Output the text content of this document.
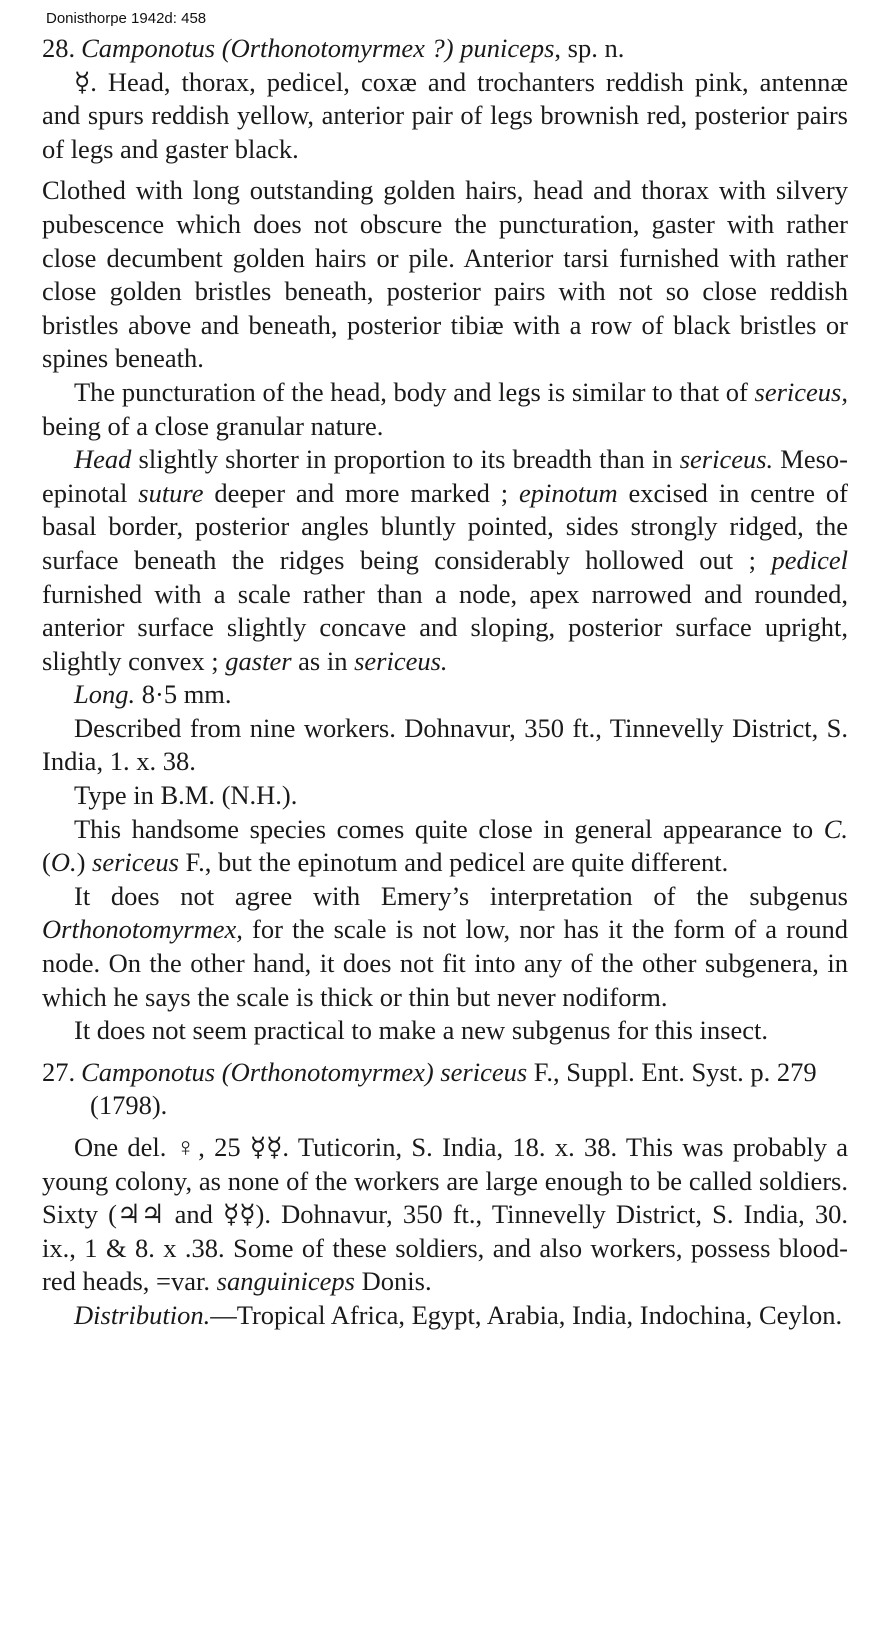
Donisthorpe 1942d: 458

28. Camponotus (Orthonotomyrmex ?) puniceps, sp. n.

☿. Head, thorax, pedicel, coxæ and trochanters reddish pink, antennæ and spurs reddish yellow, anterior pair of legs brownish red, posterior pairs of legs and gaster black.

Clothed with long outstanding golden hairs, head and thorax with silvery pubescence which does not obscure the puncturation, gaster with rather close decumbent golden hairs or pile. Anterior tarsi furnished with rather close golden bristles beneath, posterior pairs with not so close reddish bristles above and beneath, posterior tibiæ with a row of black bristles or spines beneath.

The puncturation of the head, body and legs is similar to that of sericeus, being of a close granular nature.

Head slightly shorter in proportion to its breadth than in sericeus. Meso-epinotal suture deeper and more marked ; epinotum excised in centre of basal border, posterior angles bluntly pointed, sides strongly ridged, the surface beneath the ridges being considerably hollowed out ; pedicel furnished with a scale rather than a node, apex narrowed and rounded, anterior surface slightly concave and sloping, posterior surface upright, slightly convex ; gaster as in sericeus.

Long. 8·5 mm.

Described from nine workers. Dohnavur, 350 ft., Tinnevelly District, S. India, 1. x. 38.

Type in B.M. (N.H.).

This handsome species comes quite close in general appearance to C. (O.) sericeus F., but the epinotum and pedicel are quite different.

It does not agree with Emery’s interpretation of the subgenus Orthonotomyrmex, for the scale is not low, nor has it the form of a round node. On the other hand, it does not fit into any of the other subgenera, in which he says the scale is thick or thin but never nodiform.

It does not seem practical to make a new subgenus for this insect.

27. Camponotus (Orthonotomyrmex) sericeus F., Suppl. Ent. Syst. p. 279 (1798).

One del. ♀, 25 ☿☿. Tuticorin, S. India, 18. x. 38. This was probably a young colony, as none of the workers are large enough to be called soldiers. Sixty (♃♃ and ☿☿). Dohnavur, 350 ft., Tinnevelly District, S. India, 30. ix., 1 & 8. x .38. Some of these soldiers, and also workers, possess blood-red heads, =var. sanguiniceps Donis.

Distribution.—Tropical Africa, Egypt, Arabia, India, Indochina, Ceylon.
